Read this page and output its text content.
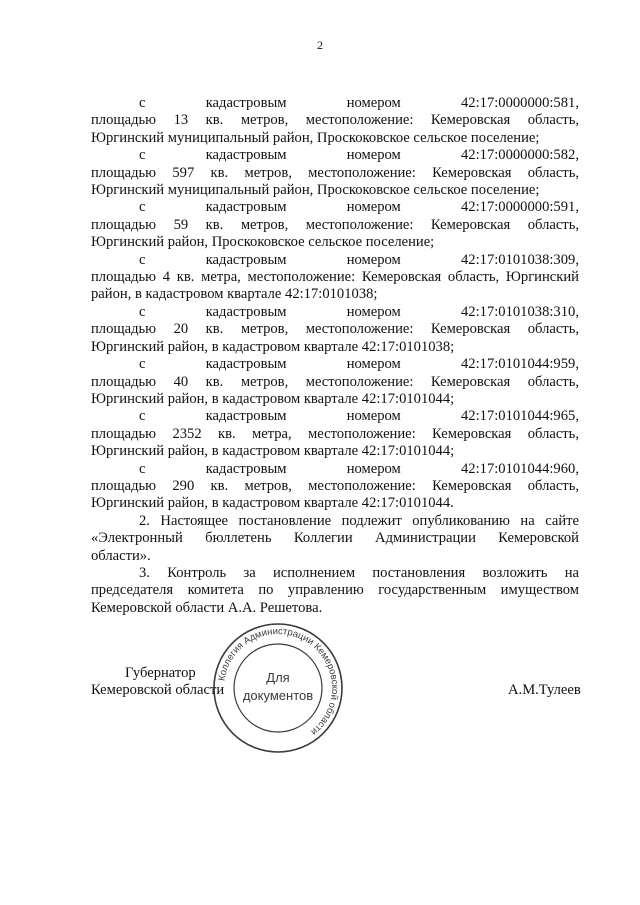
2
с	кадастровым	номером	42:17:0000000:581,
площадью 13 кв. метров, местоположение: Кемеровская область,
Юргинский муниципальный район, Проскоковское сельское поселение;
с	кадастровым	номером	42:17:0000000:582,
площадью 597 кв. метров, местоположение: Кемеровская область,
Юргинский муниципальный район, Проскоковское сельское поселение;
с	кадастровым	номером	42:17:0000000:591,
площадью 59 кв. метров, местоположение: Кемеровская область,
Юргинский район, Проскоковское сельское поселение;
с	кадастровым	номером	42:17:0101038:309,
площадью 4 кв. метра, местоположение: Кемеровская область, Юргинский
район, в кадастровом квартале 42:17:0101038;
с	кадастровым	номером	42:17:0101038:310,
площадью 20 кв. метров, местоположение: Кемеровская область,
Юргинский район, в кадастровом квартале 42:17:0101038;
с	кадастровым	номером	42:17:0101044:959,
площадью 40 кв. метров, местоположение: Кемеровская область,
Юргинский район, в кадастровом квартале 42:17:0101044;
с	кадастровым	номером	42:17:0101044:965,
площадью 2352 кв. метра, местоположение: Кемеровская область,
Юргинский район, в кадастровом квартале 42:17:0101044;
с	кадастровым	номером	42:17:0101044:960,
площадью 290 кв. метров, местоположение: Кемеровская область,
Юргинский район, в кадастровом квартале 42:17:0101044.
2. Настоящее постановление подлежит опубликованию на сайте
«Электронный бюллетень Коллегии Администрации Кемеровской
области».
3. Контроль за исполнением постановления возложить на
председателя комитета по управлению государственным имуществом
Кемеровской области А.А. Решетова.
Губернатор
Кемеровской области	А.М.Тулеев
Коллегия Администрации Кемеровской области
Для
документов
